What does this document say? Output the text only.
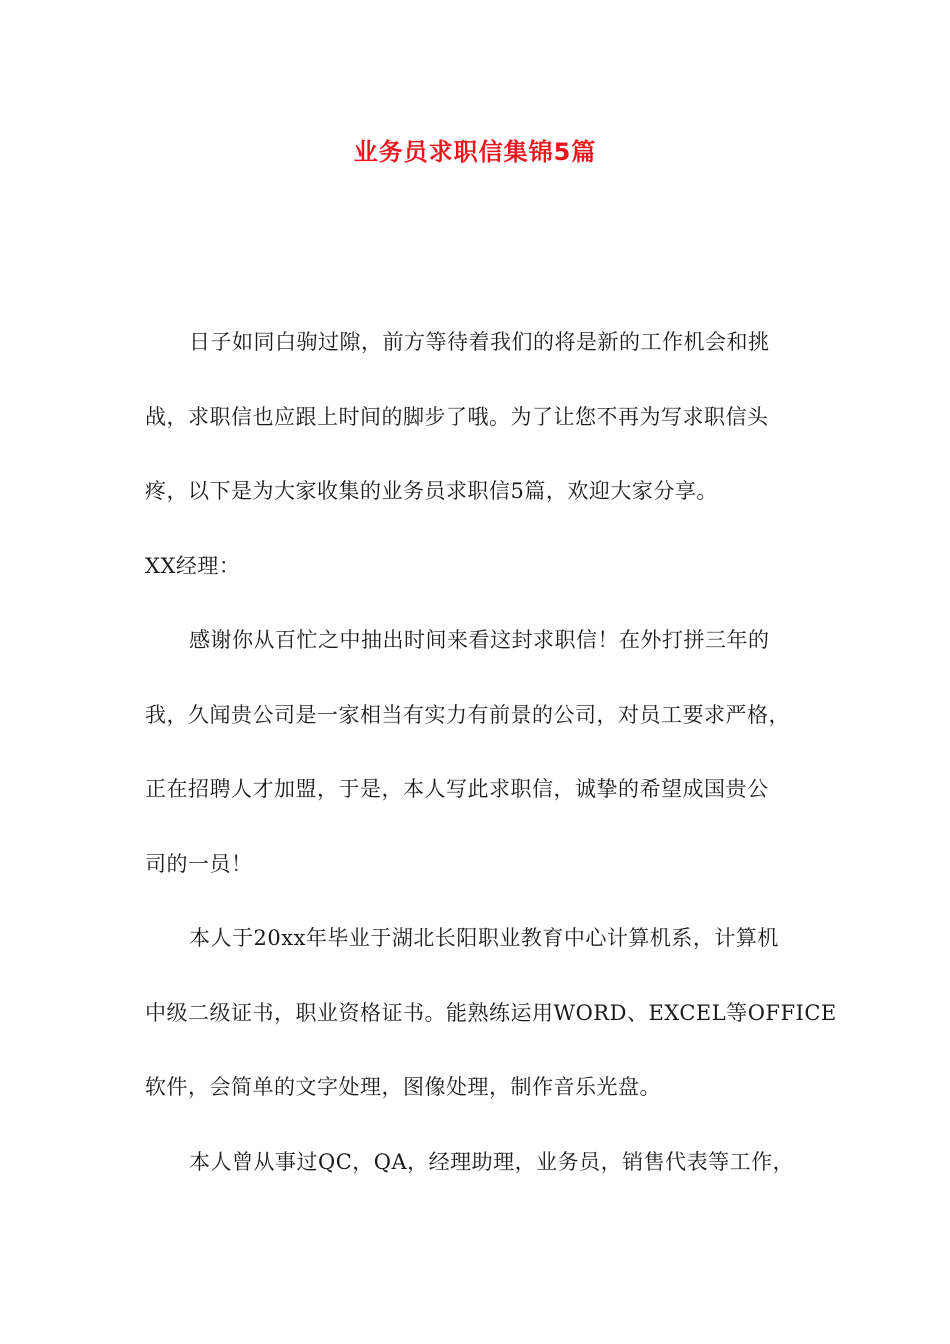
业务员求职信集锦5篇
日子如同白驹过隙，前方等待着我们的将是新的工作机会和挑
战，求职信也应跟上时间的脚步了哦。为了让您不再为写求职信头
疼，以下是为大家收集的业务员求职信5篇，欢迎大家分享。
XX经理：
感谢你从百忙之中抽出时间来看这封求职信！在外打拼三年的
我，久闻贵公司是一家相当有实力有前景的公司，对员工要求严格，
正在招聘人才加盟，于是，本人写此求职信，诚挚的希望成国贵公
司的一员！
本人于20xx年毕业于湖北长阳职业教育中心计算机系，计算机
中级二级证书，职业资格证书。能熟练运用WORD、EXCEL等OFFICE
软件，会简单的文字处理，图像处理，制作音乐光盘。
本人曾从事过QC，QA，经理助理，业务员，销售代表等工作，
